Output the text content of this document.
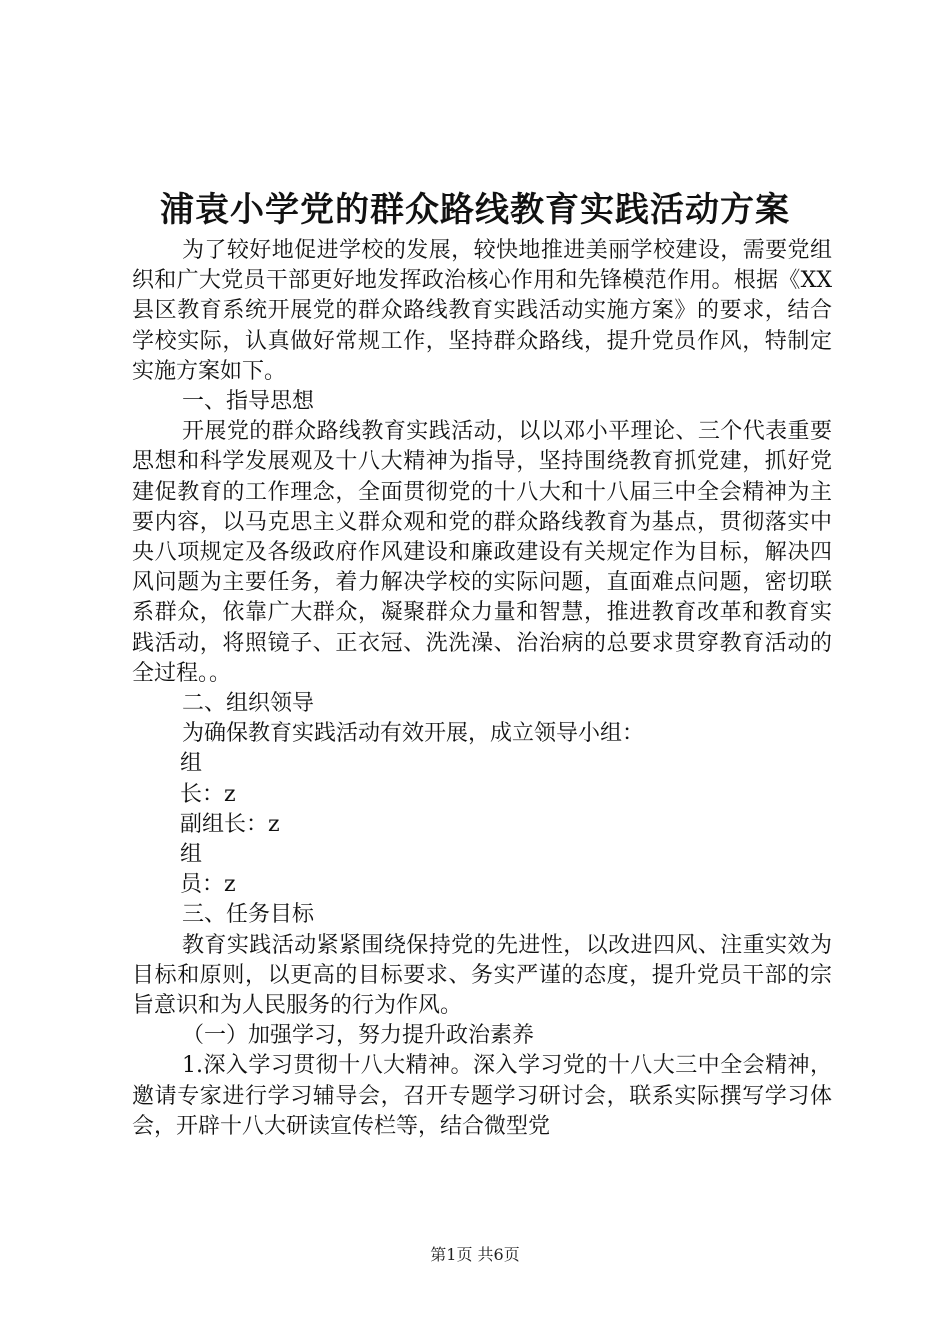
浦袁小学党的群众路线教育实践活动方案

为了较好地促进学校的发展，较快地推进美丽学校建设，需要党组织和广大党员干部更好地发挥政治核心作用和先锋模范作用。根据《XX县区教育系统开展党的群众路线教育实践活动实施方案》的要求，结合学校实际，认真做好常规工作，坚持群众路线，提升党员作风，特制定实施方案如下。

一、指导思想

开展党的群众路线教育实践活动，以以邓小平理论、三个代表重要思想和科学发展观及十八大精神为指导，坚持围绕教育抓党建，抓好党建促教育的工作理念，全面贯彻党的十八大和十八届三中全会精神为主要内容，以马克思主义群众观和党的群众路线教育为基点，贯彻落实中央八项规定及各级政府作风建设和廉政建设有关规定作为目标，解决四风问题为主要任务，着力解决学校的实际问题，直面难点问题，密切联系群众，依靠广大群众，凝聚群众力量和智慧，推进教育改革和教育实践活动，将照镜子、正衣冠、洗洗澡、治治病的总要求贯穿教育活动的全过程。。

二、组织领导

为确保教育实践活动有效开展，成立领导小组：

组

长：z

副组长：z

组

员：z

三、任务目标

教育实践活动紧紧围绕保持党的先进性，以改进四风、注重实效为目标和原则，以更高的目标要求、务实严谨的态度，提升党员干部的宗旨意识和为人民服务的行为作风。

（一）加强学习，努力提升政治素养

1.深入学习贯彻十八大精神。深入学习党的十八大三中全会精神，邀请专家进行学习辅导会，召开专题学习研讨会，联系实际撰写学习体会，开辟十八大研读宣传栏等，结合微型党

第1页 共6页
